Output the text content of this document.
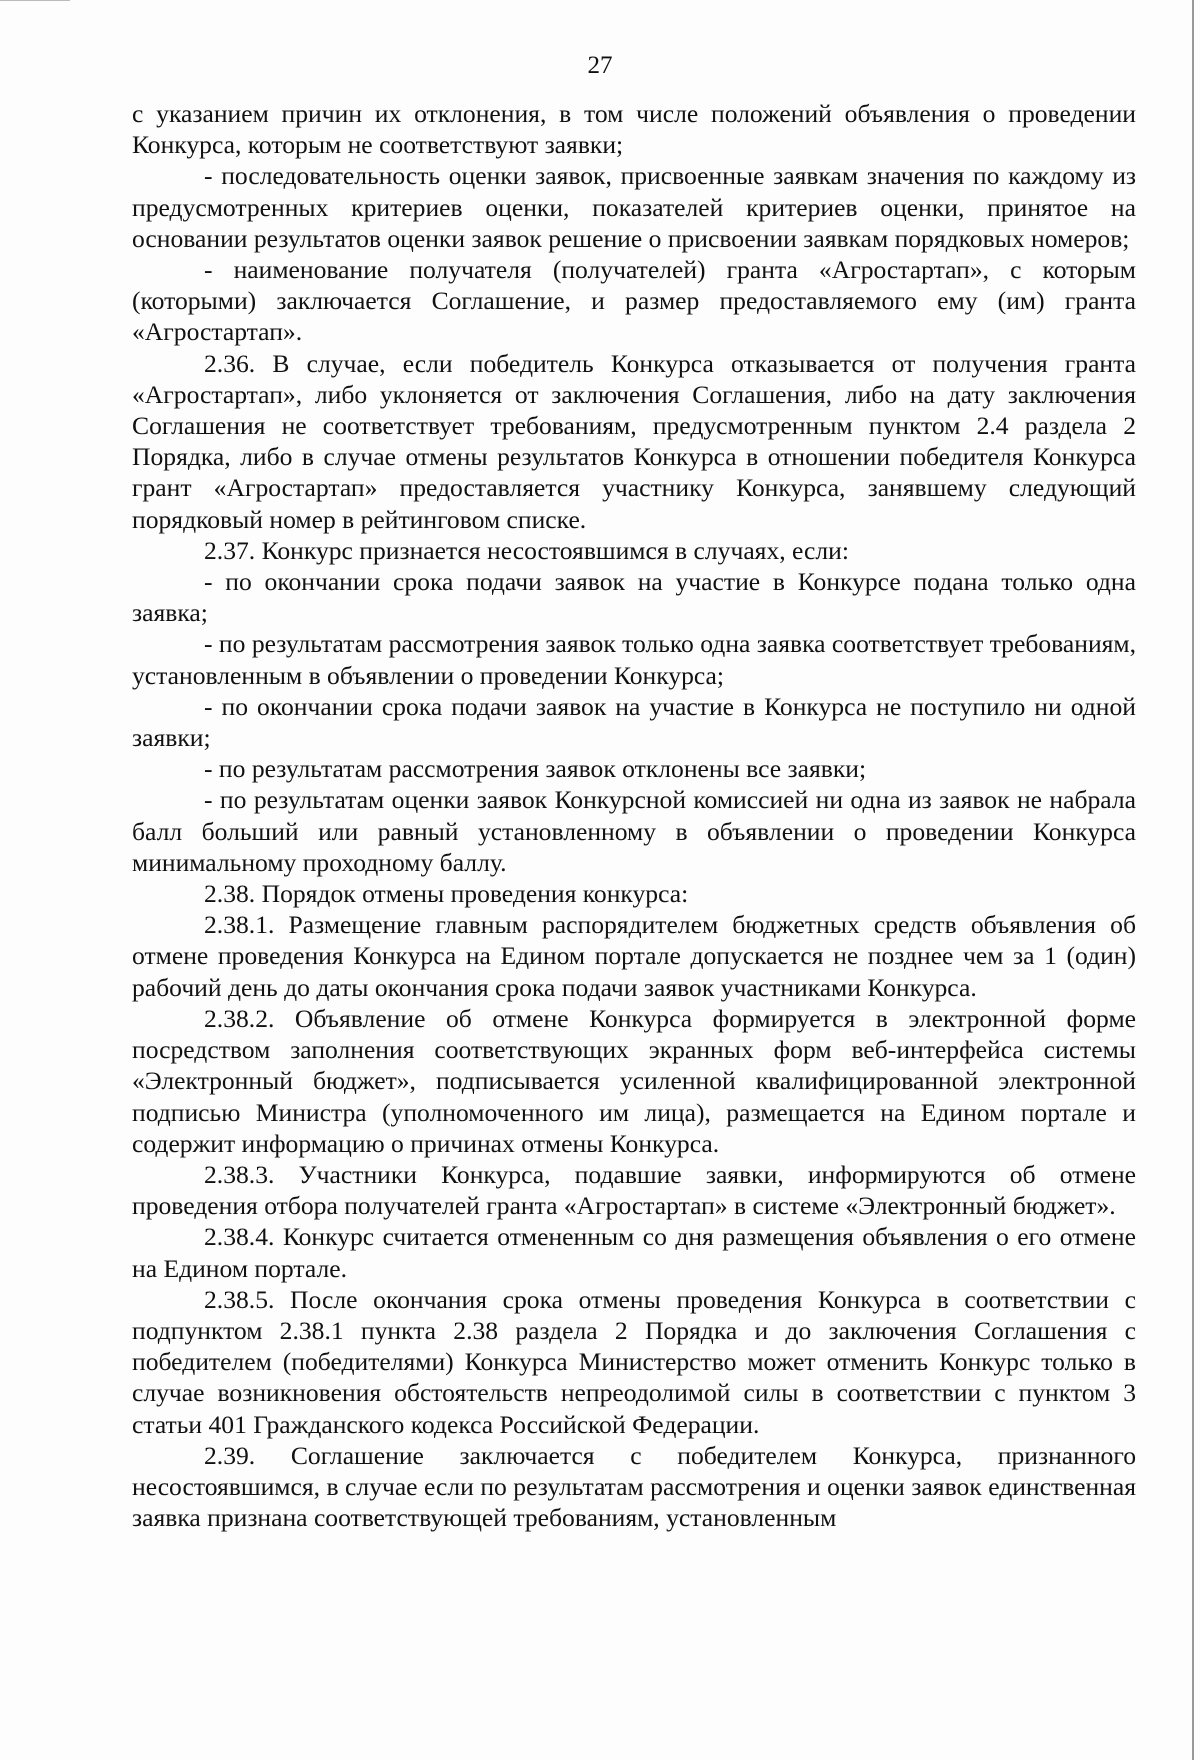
27

с указанием причин их отклонения, в том числе положений объявления о проведении Конкурса, которым не соответствуют заявки;

- последовательность оценки заявок, присвоенные заявкам значения по каждому из предусмотренных критериев оценки, показателей критериев оценки, принятое на основании результатов оценки заявок решение о присвоении заявкам порядковых номеров;

- наименование получателя (получателей) гранта «Агростартап», с которым (которыми) заключается Соглашение, и размер предоставляемого ему (им) гранта «Агростартап».

2.36. В случае, если победитель Конкурса отказывается от получения гранта «Агростартап», либо уклоняется от заключения Соглашения, либо на дату заключения Соглашения не соответствует требованиям, предусмотренным пунктом 2.4 раздела 2 Порядка, либо в случае отмены результатов Конкурса в отношении победителя Конкурса грант «Агростартап» предоставляется участнику Конкурса, занявшему следующий порядковый номер в рейтинговом списке.

2.37. Конкурс признается несостоявшимся в случаях, если:

- по окончании срока подачи заявок на участие в Конкурсе подана только одна заявка;

- по результатам рассмотрения заявок только одна заявка соответствует требованиям, установленным в объявлении о проведении Конкурса;

- по окончании срока подачи заявок на участие в Конкурса не поступило ни одной заявки;

- по результатам рассмотрения заявок отклонены все заявки;

- по результатам оценки заявок Конкурсной комиссией ни одна из заявок не набрала балл больший или равный установленному в объявлении о проведении Конкурса минимальному проходному баллу.

2.38. Порядок отмены проведения конкурса:

2.38.1. Размещение главным распорядителем бюджетных средств объявления об отмене проведения Конкурса на Едином портале допускается не позднее чем за 1 (один) рабочий день до даты окончания срока подачи заявок участниками Конкурса.

2.38.2. Объявление об отмене Конкурса формируется в электронной форме посредством заполнения соответствующих экранных форм веб-интерфейса системы «Электронный бюджет», подписывается усиленной квалифицированной электронной подписью Министра (уполномоченного им лица), размещается на Едином портале и содержит информацию о причинах отмены Конкурса.

2.38.3. Участники Конкурса, подавшие заявки, информируются об отмене проведения отбора получателей гранта «Агростартап» в системе «Электронный бюджет».

2.38.4. Конкурс считается отмененным со дня размещения объявления о его отмене на Едином портале.

2.38.5. После окончания срока отмены проведения Конкурса в соответствии с подпунктом 2.38.1 пункта 2.38 раздела 2 Порядка и до заключения Соглашения с победителем (победителями) Конкурса Министерство может отменить Конкурс только в случае возникновения обстоятельств непреодолимой силы в соответствии с пунктом 3 статьи 401 Гражданского кодекса Российской Федерации.

2.39. Соглашение заключается с победителем Конкурса, признанного несостоявшимся, в случае если по результатам рассмотрения и оценки заявок единственная заявка признана соответствующей требованиям, установленным
